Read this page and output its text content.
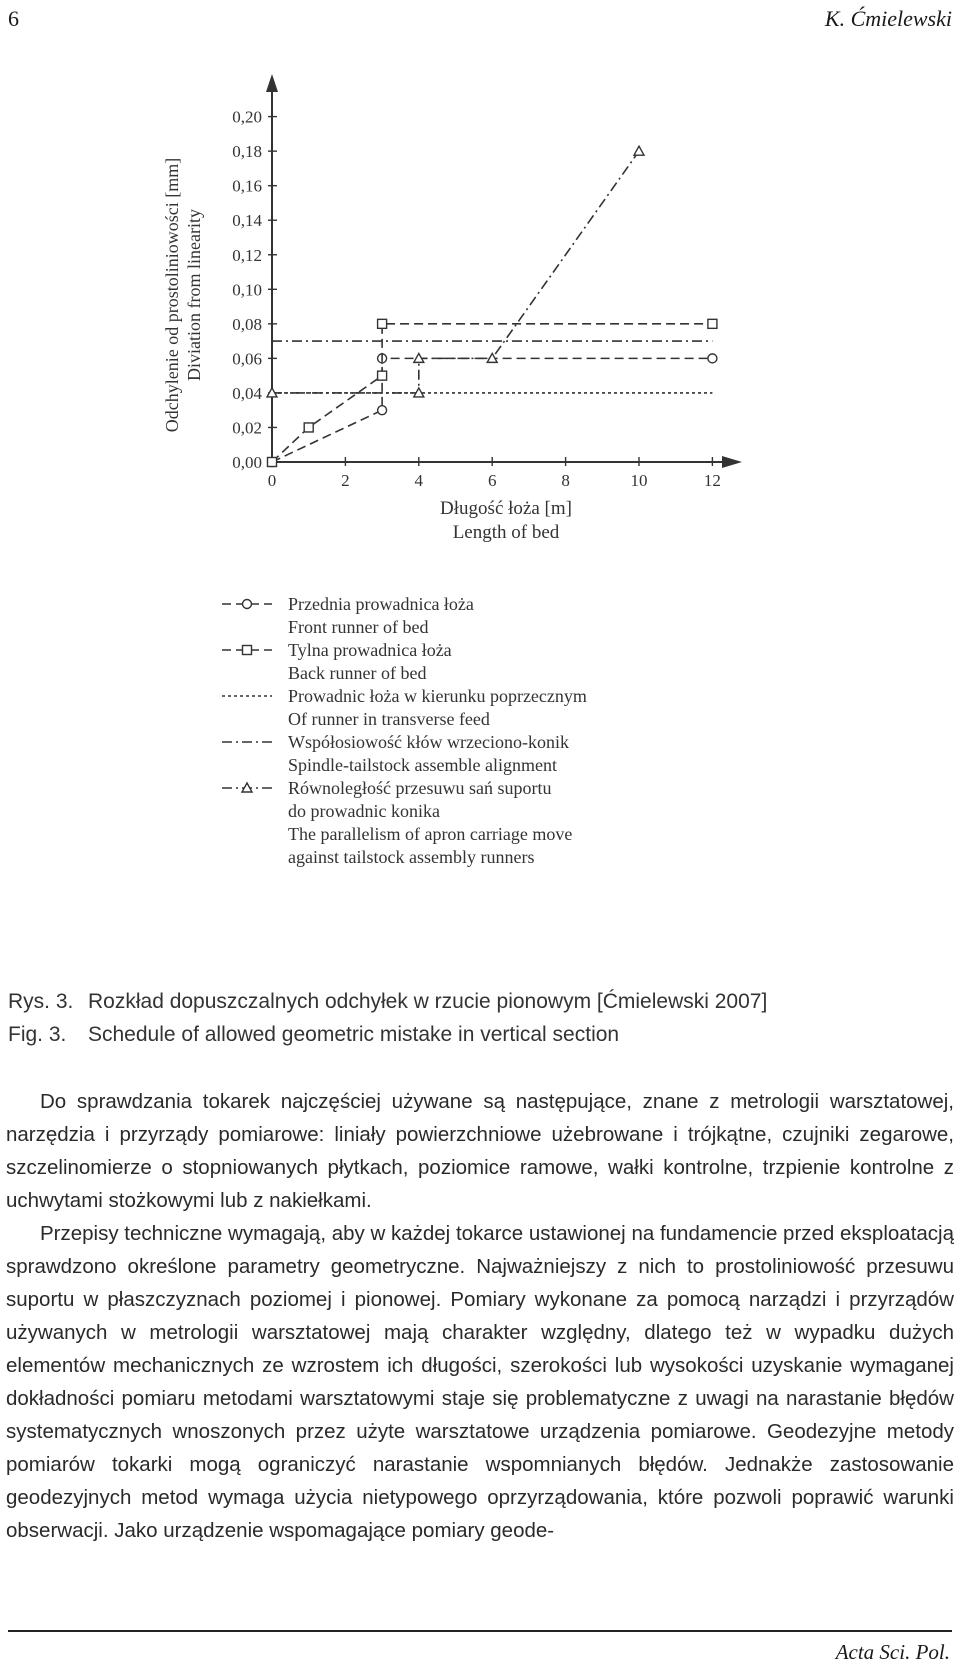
6	K. Ćmielewski
0,00
0,02
0,04
0,06
0,08
0,10
0,12
0,14
0,16
0,18
0,20
0	2	4	6	8	10	12
Odchylenie od prostoliniowości [mm] Diviation from linearity
Długość łoża [m]
Length of bed
Przednia prowadnica łoża
Front runner of bed
Tylna prowadnica łoża
Back runner of bed
Prowadnic łoża w kierunku poprzecznym
Of runner in transverse feed
Współosiowość kłów wrzeciono-konik
Spindle-tailstock assemble alignment
Równoległość przesuwu sań suportu
do prowadnic konika
The parallelism of apron carriage move
against tailstock assembly runners
Rys. 3. Rozkład dopuszczalnych odchyłek w rzucie pionowym [Ćmielewski 2007]
Fig. 3. Schedule of allowed geometric mistake in vertical section

Do sprawdzania tokarek najczęściej używane są następujące, znane z metrologii warsztatowej, narzędzia i przyrządy pomiarowe: liniały powierzchniowe użebrowane i trójkątne, czujniki zegarowe, szczelinomierze o stopniowanych płytkach, poziomice ramowe, wałki kontrolne, trzpienie kontrolne z uchwytami stożkowymi lub z nakiełkami.

Przepisy techniczne wymagają, aby w każdej tokarce ustawionej na fundamencie przed eksploatacją sprawdzono określone parametry geometryczne. Najważniejszy z nich to prostoliniowość przesuwu suportu w płaszczyznach poziomej i pionowej. Pomiary wykonane za pomocą narządzi i przyrządów używanych w metrologii warsztatowej mają charakter względny, dlatego też w wypadku dużych elementów mechanicznych ze wzrostem ich długości, szerokości lub wysokości uzyskanie wymaganej dokładności pomiaru metodami warsztatowymi staje się problematyczne z uwagi na narastanie błędów systematycznych wnoszonych przez użyte warsztatowe urządzenia pomiarowe. Geodezyjne metody pomiarów tokarki mogą ograniczyć narastanie wspomnianych błędów. Jednakże zastosowanie geodezyjnych metod wymaga użycia nietypowego oprzyrządowania, które pozwoli poprawić warunki obserwacji. Jako urządzenie wspomagające pomiary geode-

Acta Sci. Pol.
